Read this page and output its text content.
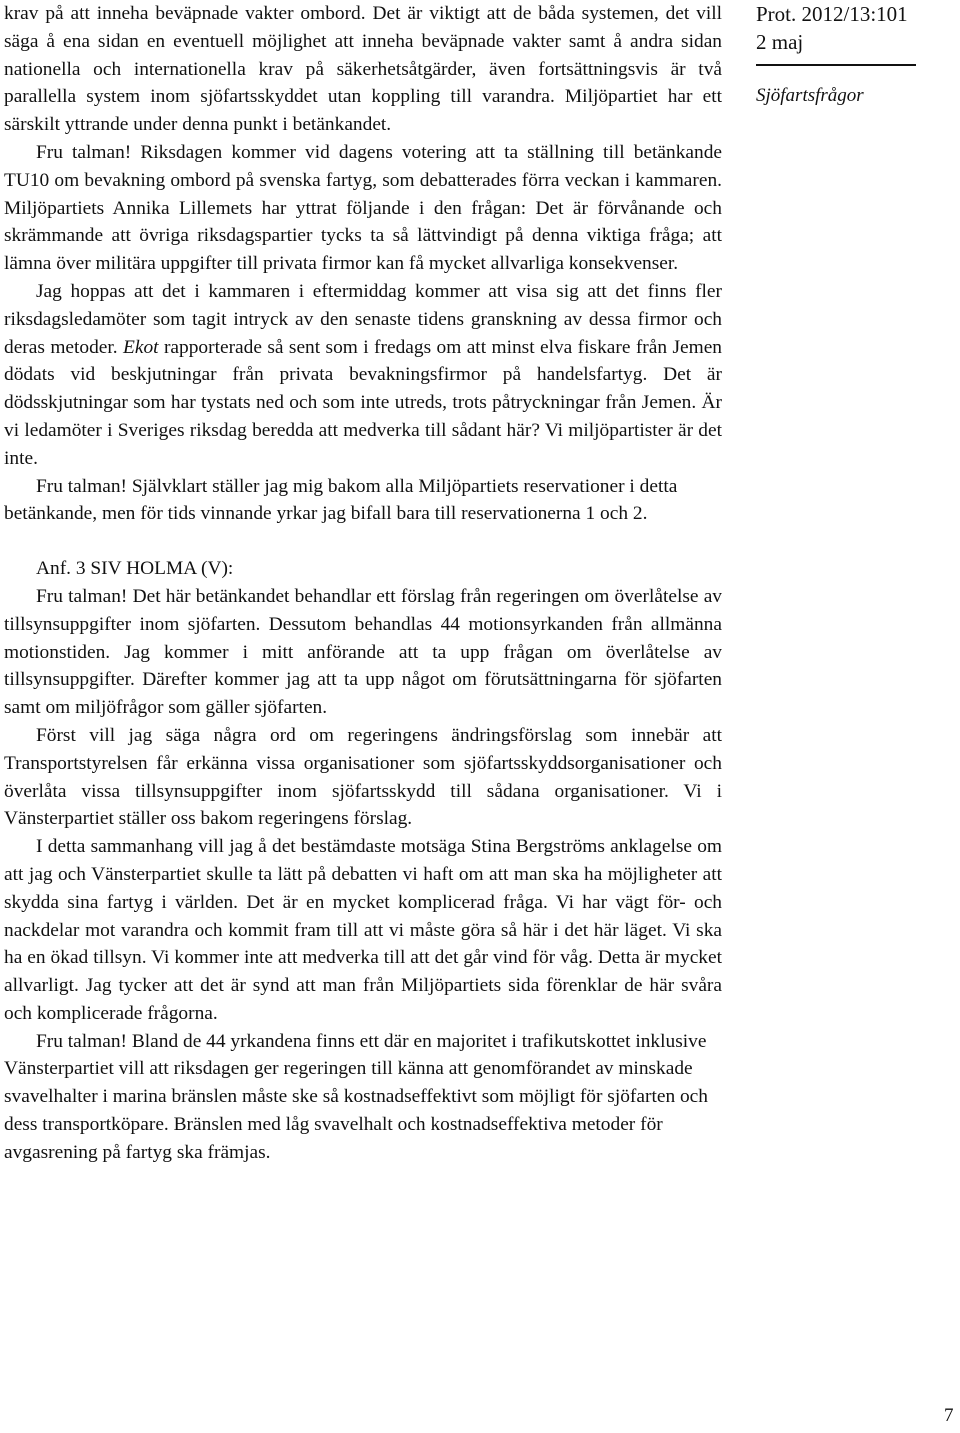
krav på att inneha beväpnade vakter ombord. Det är viktigt att de båda systemen, det vill säga å ena sidan en eventuell möjlighet att inneha beväpnade vakter samt å andra sidan nationella och internationella krav på säkerhetsåtgärder, även fortsättningsvis är två parallella system inom sjöfartsskyddet utan koppling till varandra. Miljöpartiet har ett särskilt yttrande under denna punkt i betänkandet.

Fru talman! Riksdagen kommer vid dagens votering att ta ställning till betänkande TU10 om bevakning ombord på svenska fartyg, som debatterades förra veckan i kammaren. Miljöpartiets Annika Lillemets har yttrat följande i den frågan: Det är förvånande och skrämmande att övriga riksdagspartier tycks ta så lättvindigt på denna viktiga fråga; att lämna över militära uppgifter till privata firmor kan få mycket allvarliga konsekvenser.

Jag hoppas att det i kammaren i eftermiddag kommer att visa sig att det finns fler riksdagsledamöter som tagit intryck av den senaste tidens granskning av dessa firmor och deras metoder. Ekot rapporterade så sent som i fredags om att minst elva fiskare från Jemen dödats vid beskjutningar från privata bevakningsfirmor på handelsfartyg. Det är dödsskjutningar som har tystats ned och som inte utreds, trots påtryckningar från Jemen. Är vi ledamöter i Sveriges riksdag beredda att medverka till sådant här? Vi miljöpartister är det inte.

Fru talman! Självklart ställer jag mig bakom alla Miljöpartiets reservationer i detta betänkande, men för tids vinnande yrkar jag bifall bara till reservationerna 1 och 2.

Anf. 3 SIV HOLMA (V):

Fru talman! Det här betänkandet behandlar ett förslag från regeringen om överlåtelse av tillsynsuppgifter inom sjöfarten. Dessutom behandlas 44 motionsyrkanden från allmänna motionstiden. Jag kommer i mitt anförande att ta upp frågan om överlåtelse av tillsynsuppgifter. Därefter kommer jag att ta upp något om förutsättningarna för sjöfarten samt om miljöfrågor som gäller sjöfarten.

Först vill jag säga några ord om regeringens ändringsförslag som innebär att Transportstyrelsen får erkänna vissa organisationer som sjöfartsskyddsorganisationer och överlåta vissa tillsynsuppgifter inom sjöfartsskydd till sådana organisationer. Vi i Vänsterpartiet ställer oss bakom regeringens förslag.

I detta sammanhang vill jag å det bestämdaste motsäga Stina Bergströms anklagelse om att jag och Vänsterpartiet skulle ta lätt på debatten vi haft om att man ska ha möjligheter att skydda sina fartyg i världen. Det är en mycket komplicerad fråga. Vi har vägt för- och nackdelar mot varandra och kommit fram till att vi måste göra så här i det här läget. Vi ska ha en ökad tillsyn. Vi kommer inte att medverka till att det går vind för våg. Detta är mycket allvarligt. Jag tycker att det är synd att man från Miljöpartiets sida förenklar de här svåra och komplicerade frågorna.

Fru talman! Bland de 44 yrkandena finns ett där en majoritet i trafikutskottet inklusive Vänsterpartiet vill att riksdagen ger regeringen till känna att genomförandet av minskade svavelhalter i marina bränslen måste ske så kostnadseffektivt som möjligt för sjöfarten och dess transportköpare. Bränslen med låg svavelhalt och kostnadseffektiva metoder för avgasrening på fartyg ska främjas.

Prot. 2012/13:101
2 maj
Sjöfartsfrågor
7
